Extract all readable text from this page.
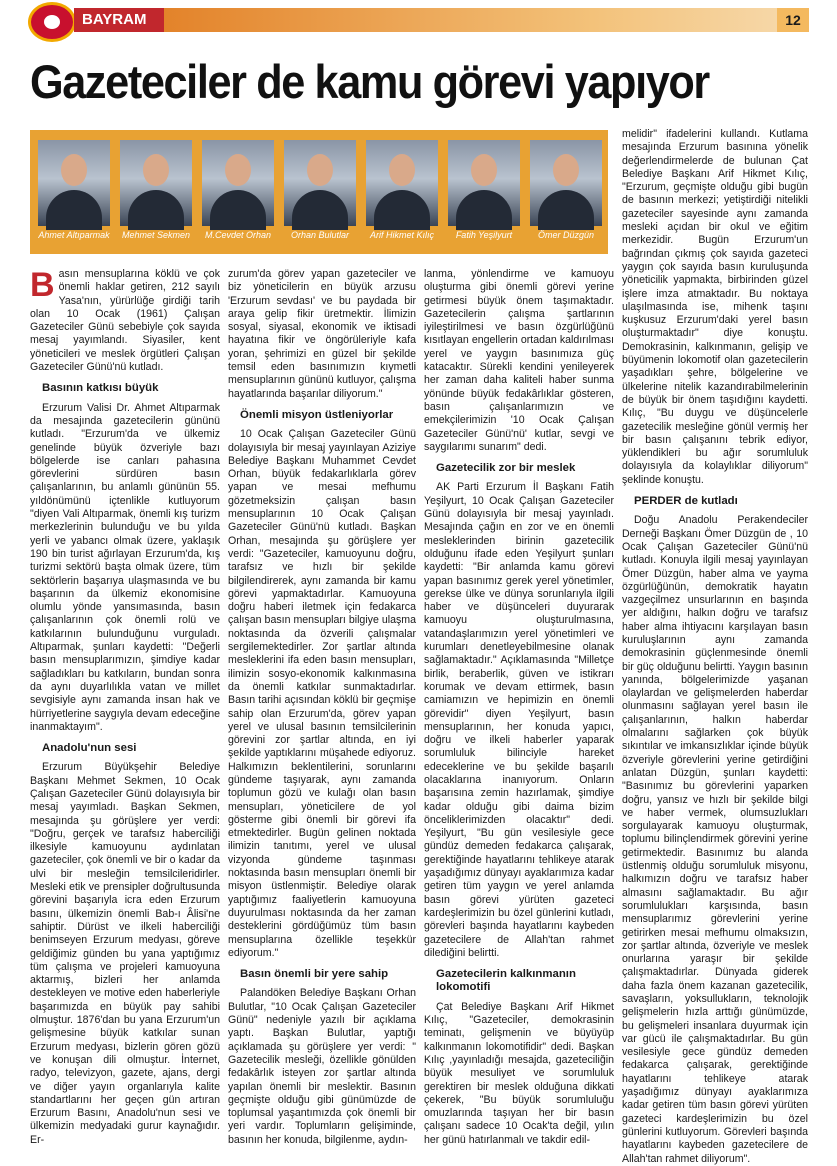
BAYRAM	12
Gazeteciler de kamu görevi yapıyor
Ahmet Altıparmak Mehmet Sekmen	M.Cevdet Orhan	Orhan Bulutlar	Arif Hikmet Kılıç	Fatih Yeşilyurt	Ömer Düzgün

Basın mensuplarına köklü ve çok önemli haklar getiren, 212 sayılı Yasa'nın, yürürlüğe girdiği tarih olan 10 Ocak (1961) Çalışan Gazeteciler Günü sebebiyle çok sayıda mesaj yayımlandı. Siyasiler, kent yöneticileri ve meslek örgütleri Çalışan Gazeteciler Günü'nü kutladı.

Basının katkısı büyük

Erzurum Valisi Dr. Ahmet Altıparmak da mesajında gazetecilerin gününü kutladı. "Erzurum'da ve ülkemiz genelinde büyük özveriyle bazı bölgelerde ise canları pahasına görevlerini sürdüren basın çalışanlarının, bu anlamlı gününün 55. yıldönümünü içtenlikle kutluyorum "diyen Vali Altıparmak, önemli kış turizm merkezlerinin bulunduğu ve bu yılda yerli ve yabancı olmak üzere, yaklaşık 190 bin turist ağırlayan Erzurum'da, kış turizmi sektörü başta olmak üzere, tüm sektörlerin başarıya ulaşmasında ve bu başarının da ülkemiz ekonomisine olumlu yönde yansımasında, basın çalışanlarının çok önemli rolü ve katkılarının bulunduğunu vurguladı. Altıparmak, şunları kaydetti: "Değerli basın mensuplarımızın, şimdiye kadar sağladıkları bu katkıların, bundan sonra da aynı duyarlılıkla vatan ve millet sevgisiyle aynı zamanda insan hak ve hürriyetlerine saygıyla devam edeceğine inanmaktayım".

Anadolu'nun sesi

Erzurum Büyükşehir Belediye Başkanı Mehmet Sekmen, 10 Ocak Çalışan Gazeteciler Günü dolayısıyla bir mesaj yayımladı. Başkan Sekmen, mesajında şu görüşlere yer verdi: "Doğru, gerçek ve tarafsız haberciliği ilkesiyle kamuoyunu aydınlatan gazeteciler, çok önemli ve bir o kadar da ulvi bir mesleğin temsilcileridirler. Mesleki etik ve prensipler doğrultusunda görevini başarıyla icra eden Erzurum basını, ülkemizin önemli Bab-ı Âlisi'ne sahiptir. Dürüst ve ilkeli haberciliği benimseyen Erzurum medyası, göreve geldiğimiz günden bu yana yaptığımız tüm çalışma ve projeleri kamuoyuna aktarmış, bizleri her anlamda destekleyen ve motive eden haberleriyle başarımızda en büyük pay sahibi olmuştur. 1876'dan bu yana Erzurum'un gelişmesine büyük katkılar sunan Erzurum medyası, bizlerin gören gözü ve konuşan dili olmuştur. İnternet, radyo, televizyon, gazete, ajans, dergi ve diğer yayın organlarıyla kalite standartlarını her geçen gün artıran Erzurum Basını, Anadolu'nun sesi ve ülkemizin medyadaki gurur kaynağıdır. Er-

zurum'da görev yapan gazeteciler ve biz yöneticilerin en büyük arzusu 'Erzurum sevdası' ve bu paydada bir araya gelip fikir üretmektir. İlimizin sosyal, siyasal, ekonomik ve iktisadi hayatına fikir ve öngörüleriyle kafa yoran, şehrimizi en güzel bir şekilde temsil eden basınımızın kıymetli mensuplarının gününü kutluyor, çalışma hayatlarında başarılar diliyorum."

Önemli misyon üstleniyorlar

10 Ocak Çalışan Gazeteciler Günü dolayısıyla bir mesaj yayınlayan Aziziye Belediye Başkanı Muhammet Cevdet Orhan, büyük fedakarlıklarla görev yapan ve mesai mefhumu gözetmeksizin çalışan basın mensuplarının 10 Ocak Çalışan Gazeteciler Günü'nü kutladı. Başkan Orhan, mesajında şu görüşlere yer verdi: "Gazeteciler, kamuoyunu doğru, tarafsız ve hızlı bir şekilde bilgilendirerek, aynı zamanda bir kamu görevi yapmaktadırlar. Kamuoyuna doğru haberi iletmek için fedakarca çalışan basın mensupları bilgiye ulaşma noktasında da özverili çalışmalar sergilemektedirler. Zor şartlar altında mesleklerini ifa eden basın mensupları, ilimizin sosyo-ekonomik kalkınmasına da önemli katkılar sunmaktadırlar. Basın tarihi açısından köklü bir geçmişe sahip olan Erzurum'da, görev yapan yerel ve ulusal basının temsilcilerinin görevini zor şartlar altında, en iyi şekilde yaptıklarını müşahede ediyoruz. Halkımızın beklentilerini, sorunlarını gündeme taşıyarak, aynı zamanda toplumun gözü ve kulağı olan basın mensupları, yöneticilere de yol gösterme gibi önemli bir görevi ifa etmektedirler. Bugün gelinen noktada ilimizin tanıtımı, yerel ve ulusal vizyonda gündeme taşınması noktasında basın mensupları önemli bir misyon üstlenmiştir. Belediye olarak yaptığımız faaliyetlerin kamuoyuna duyurulması noktasında da her zaman desteklerini gördüğümüz tüm basın mensuplarına özellikle teşekkür ediyorum."

Basın önemli bir yere sahip

Palandöken Belediye Başkanı Orhan Bulutlar, "10 Ocak Çalışan Gazeteciler Günü" nedeniyle yazılı bir açıklama yaptı. Başkan Bulutlar, yaptığı açıklamada şu görüşlere yer verdi: " Gazetecilik mesleği, özellikle gönülden fedakârlık isteyen zor şartlar altında yapılan önemli bir meslektir. Basının geçmişte olduğu gibi günümüzde de toplumsal yaşantımızda çok önemli bir yeri vardır. Toplumların gelişiminde, basının her konuda, bilgilenme, aydın-

lanma, yönlendirme ve kamuoyu oluşturma gibi önemli görevi yerine getirmesi büyük önem taşımaktadır. Gazetecilerin çalışma şartlarının iyileştirilmesi ve basın özgürlüğünü kısıtlayan engellerin ortadan kaldırılması yerel ve yaygın basınımıza güç katacaktır. Sürekli kendini yenileyerek her zaman daha kaliteli haber sunma yönünde büyük fedakârlıklar gösteren, basın çalışanlarımızın ve emekçilerimizin '10 Ocak Çalışan Gazeteciler Günü'nü' kutlar, sevgi ve saygılarımı sunarım" dedi.

Gazetecilik zor bir meslek

AK Parti Erzurum İl Başkanı Fatih Yeşilyurt, 10 Ocak Çalışan Gazeteciler Günü dolayısıyla bir mesaj yayınladı. Mesajında çağın en zor ve en önemli mesleklerinden birinin gazetecilik olduğunu ifade eden Yeşilyurt şunları kaydetti: "Bir anlamda kamu görevi yapan basınımız gerek yerel yönetimler, gerekse ülke ve dünya sorunlarıyla ilgili haber ve düşünceleri duyurarak kamuoyu oluşturulmasına, vatandaşlarımızın yerel yönetimleri ve kurumları denetleyebilmesine olanak sağlamaktadır." Açıklamasında "Milletçe birlik, beraberlik, güven ve istikrarı korumak ve devam ettirmek, basın camiamızın ve hepimizin en önemli görevidir" diyen Yeşilyurt, basın mensuplarının, her konuda yapıcı, doğru ve ilkeli haberler yaparak sorumluluk bilinciyle hareket edeceklerine ve bu şekilde başarılı olacaklarına inanıyorum. Onların başarısına zemin hazırlamak, şimdiye kadar olduğu gibi daima bizim önceliklerimizden olacaktır" dedi. Yeşilyurt, "Bu gün vesilesiyle gece gündüz demeden fedakarca çalışarak, gerektiğinde hayatlarını tehlikeye atarak yaşadığımız dünyayı ayaklarımıza kadar getiren tüm yaygın ve yerel anlamda basın görevi yürüten gazeteci kardeşlerimizin bu özel günlerini kutladı, görevleri başında hayatlarını kaybeden gazetecilere de Allah'tan rahmet dilediğini belirtti.

Gazetecilerin kalkınmanın lokomotifi

Çat Belediye Başkanı Arif Hikmet Kılıç, "Gazeteciler, demokrasinin teminatı, gelişmenin ve büyüyüp kalkınmanın lokomotifidir" dedi. Başkan Kılıç ,yayınladığı mesajda, gazeteciliğin büyük mesuliyet ve sorumluluk gerektiren bir meslek olduğuna dikkati çekerek, "Bu büyük sorumluluğu omuzlarında taşıyan her bir basın çalışanı sadece 10 Ocak'ta değil, yılın her günü hatırlanmalı ve takdir edil-

melidir" ifadelerini kullandı. Kutlama mesajında Erzurum basınına yönelik değerlendirmelerde de bulunan Çat Belediye Başkanı Arif Hikmet Kılıç, "Erzurum, geçmişte olduğu gibi bugün de basının merkezi; yetiştirdiği nitelikli gazeteciler sayesinde aynı zamanda mesleki açıdan bir okul ve eğitim merkezidir. Bugün Erzurum'un bağrından çıkmış çok sayıda gazeteci yaygın çok sayıda basın kuruluşunda yöneticilik yapmakta, birbirinden güzel işlere imza atmaktadır. Bu noktaya ulaşılmasında ise, mihenk taşını kuşkusuz Erzurum'daki yerel basın oluşturmaktadır" diye konuştu. Demokrasinin, kalkınmanın, gelişip ve büyümenin lokomotif olan gazetecilerin yaşadıkları şehre, bölgelerine ve ülkelerine nitelik kazandırabilmelerinin de büyük bir önem taşıdığını kaydetti. Kılıç, "Bu duygu ve düşüncelerle gazetecilik mesleğine gönül vermiş her bir basın çalışanını tebrik ediyor, yüklendikleri bu ağır sorumluluk dolayısıyla da kolaylıklar diliyorum" şeklinde konuştu.

PERDER de kutladı

Doğu Anadolu Perakendeciler Derneği Başkanı Ömer Düzgün de , 10 Ocak Çalışan Gazeteciler Günü'nü kutladı. Konuyla ilgili mesaj yayınlayan Ömer Düzgün, haber alma ve yayma özgürlüğünün, demokratik hayatın vazgeçilmez unsurlarının en başında yer aldığını, halkın doğru ve tarafsız haber alma ihtiyacını karşılayan basın kuruluşlarının aynı zamanda demokrasinin güçlenmesinde önemli bir güç olduğunu belirtti. Yaygın basının yanında, bölgelerimizde yaşanan olaylardan ve gelişmelerden haberdar olunmasını sağlayan yerel basın ile çalışanlarının, halkın haberdar olmalarını sağlarken çok büyük sıkıntılar ve imkansızlıklar içinde büyük özveriyle görevlerini yerine getirdiğini anlatan Düzgün, şunları kaydetti: "Basınımız bu görevlerini yaparken doğru, yansız ve hızlı bir şekilde bilgi ve haber vermek, olumsuzlukları sorgulayarak kamuoyu oluşturmak, toplumu bilinçlendirmek görevini yerine getirmektedir. Basınımız bu alanda üstlenmiş olduğu sorumluluk misyonu, halkımızın doğru ve tarafsız haber almasını sağlamaktadır. Bu ağır sorumlulukları karşısında, basın mensuplarımız görevlerini yerine getirirken mesai mefhumu olmaksızın, zor şartlar altında, özveriyle ve meslek onurlarına yaraşır bir şekilde çalışmaktadırlar. Dünyada giderek daha fazla önem kazanan gazetecilik, savaşların, yoksullukların, teknolojik gelişmelerin hızla arttığı günümüzde, bu gelişmeleri insanlara duyurmak için var gücü ile çalışmaktadırlar. Bu gün vesilesiyle gece gündüz demeden fedakarca çalışarak, gerektiğinde hayatlarını tehlikeye atarak yaşadığımız dünyayı ayaklarımıza kadar getiren tüm basın görevi yürüten gazeteci kardeşlerimizin bu özel günlerini kutluyorum. Görevleri başında hayatlarını kaybeden gazetecilere de Allah'tan rahmet diliyorum".
